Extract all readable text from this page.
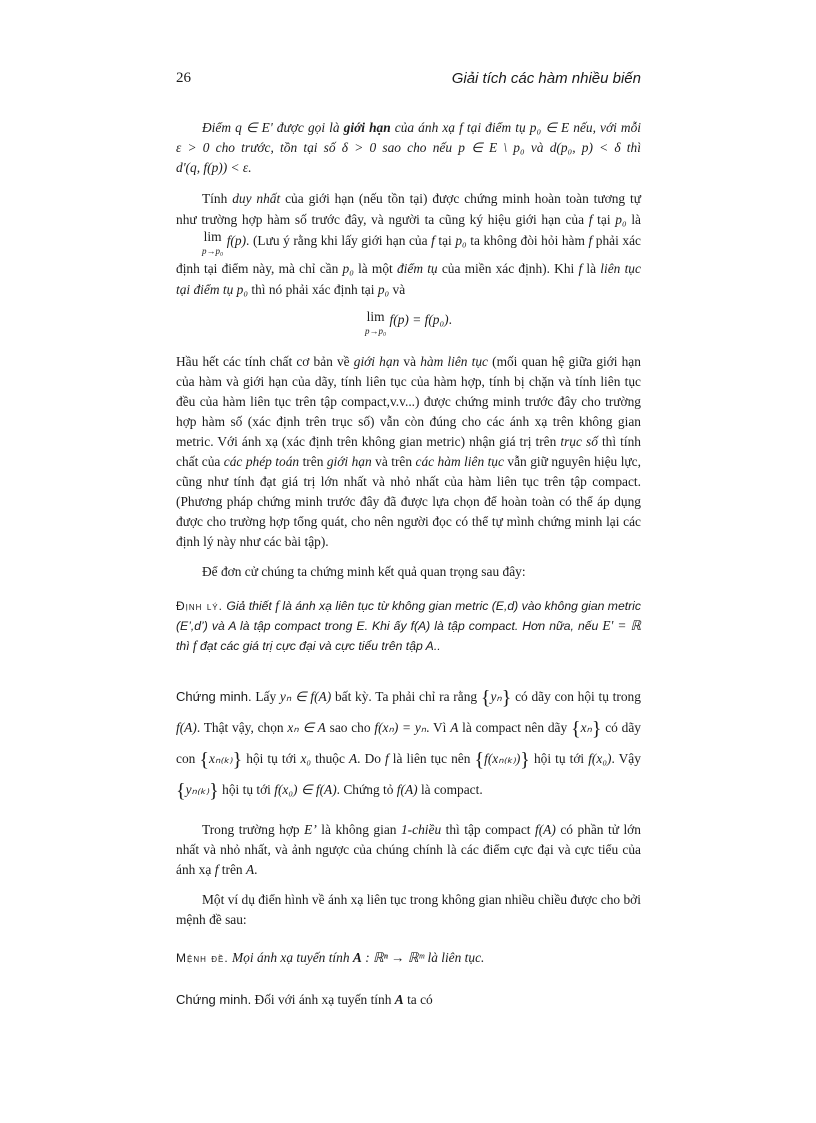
26	Giải tích các hàm nhiều biến

Điểm q ∈ E' được gọi là giới hạn của ánh xạ f tại điểm tụ p₀ ∈ E nếu, với mỗi ε > 0 cho trước, tồn tại số δ > 0 sao cho nếu p ∈ E \ p₀ và d(p₀, p) < δ thì d'(q, f(p)) < ε.

Tính duy nhất của giới hạn (nếu tồn tại) được chứng minh hoàn toàn tương tự như trường hợp hàm số trước đây, và người ta cũng ký hiệu giới hạn của f tại p₀ là lim
p→p₀
f(p). (Lưu ý rằng khi lấy giới hạn của f tại p₀ ta không đòi hỏi hàm f phải xác định tại điểm này, mà chỉ cần p₀ là một điểm tụ của miền xác định). Khi f là liên tục tại điểm tụ p₀ thì nó phải xác định tại p₀ và

lim
p→p₀
f(p) = f(p₀).

Hầu hết các tính chất cơ bản về giới hạn và hàm liên tục (mối quan hệ giữa giới hạn của hàm và giới hạn của dãy, tính liên tục của hàm hợp, tính bị chặn và tính liên tục đều của hàm liên tục trên tập compact,v.v...) được chứng minh trước đây cho trường hợp hàm số (xác định trên trục số) vẫn còn đúng cho các ánh xạ trên không gian metric. Với ánh xạ (xác định trên không gian metric) nhận giá trị trên trục số thì tính chất của các phép toán trên giới hạn và trên các hàm liên tục vẫn giữ nguyên hiệu lực, cũng như tính đạt giá trị lớn nhất và nhỏ nhất của hàm liên tục trên tập compact. (Phương pháp chứng minh trước đây đã được lựa chọn để hoàn toàn có thể áp dụng được cho trường hợp tổng quát, cho nên người đọc có thể tự mình chứng minh lại các định lý này như các bài tập).

Để đơn cử chúng ta chứng minh kết quả quan trọng sau đây:

Định lý. Giả thiết f là ánh xạ liên tục từ không gian metric (E,d) vào không gian metric (E’,d’) và A là tập compact trong E. Khi ấy f(A) là tập compact. Hơn nữa, nếu E' = ℝ thì f đạt các giá trị cực đại và cực tiểu trên tập A..

Chứng minh. Lấy yₙ ∈ f(A) bất kỳ. Ta phải chỉ ra rằng {yₙ} có dãy con hội tụ trong f(A). Thật vậy, chọn xₙ ∈ A sao cho f(xₙ) = yₙ. Vì A là compact nên dãy {xₙ} có dãy con {xₙ₍ₖ₎} hội tụ tới x₀ thuộc A. Do f là liên tục nên {f(xₙ₍ₖ₎)} hội tụ tới f(x₀). Vậy {yₙ₍ₖ₎} hội tụ tới f(x₀) ∈ f(A). Chứng tỏ f(A) là compact.

Trong trường hợp E’ là không gian 1-chiều thì tập compact f(A) có phần tử lớn nhất và nhỏ nhất, và ảnh ngược của chúng chính là các điểm cực đại và cực tiểu của ánh xạ f trên A.

Một ví dụ điển hình về ánh xạ liên tục trong không gian nhiều chiều được cho bởi mệnh đề sau:

Mệnh đề. Mọi ánh xạ tuyến tính A : ℝⁿ → ℝᵐ là liên tục.

Chứng minh. Đối với ánh xạ tuyến tính A ta có
